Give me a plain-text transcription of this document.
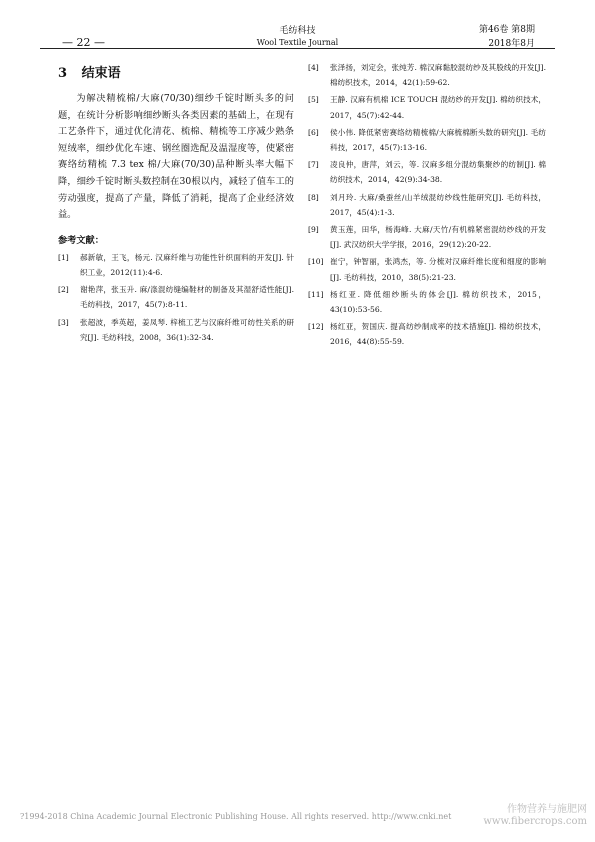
— 22 —
毛纺科技
Wool Textile Journal
第46卷 第8期
2018年8月
3 结束语

为解决精梳棉/大麻(70/30)细纱千锭时断头多的问题，在统计分析影响细纱断头各类因素的基础上，在现有工艺条件下，通过优化清花、梳棉、精梳等工序减少熟条短绒率，细纱优化车速、钢丝圈选配及温湿度等，使紧密赛络纺精梳 7.3 tex 棉/大麻(70/30)品种断头率大幅下降，细纱千锭时断头数控制在30根以内，减轻了值车工的劳动强度，提高了产量，降低了消耗，提高了企业经济效益。

参考文献：
[1]	郝新敏，王飞，杨元. 汉麻纤维与功能性针织面料的开发[J]. 针织工业，2012(11):4-6.
[2]	谢艳萍，张玉升. 麻/涤混纺缝编鞋材的制备及其湿舒适性能[J]. 毛纺科技，2017，45(7):8-11.
[3]	张超波，季英超，姜凤琴. 梓梳工艺与汉麻纤维可纺性关系的研究[J]. 毛纺科技，2008，36(1):32-34.
[4]	张泽扬，刘定会，张纯芳. 棉汉麻黏胶混纺纱及其股线的开发[J]. 棉纺织技术，2014，42(1):59-62.
[5]	王静. 汉麻有机棉 ICE TOUCH 混纺纱的开发[J]. 棉纺织技术，2017，45(7):42-44.
[6]	侯小伟. 降低紧密赛络纺精梳棉/大麻梳棉断头数的研究[J]. 毛纺科技，2017，45(7):13-16.
[7]	凌良仲，唐萍，刘云，等. 汉麻多组分混纺集聚纱的纺制[J]. 棉纺织技术，2014，42(9):34-38.
[8]	刘月玲. 大麻/桑蚕丝/山羊绒混纺纱线性能研究[J]. 毛纺科技，2017，45(4):1-3.
[9]	黄玉莲，田华，杨海峰. 大麻/天竹/有机棉紧密混纺纱线的开发[J]. 武汉纺织大学学报，2016，29(12):20-22.
[10] 崔宁，钟智丽，张鸿杰，等. 分梳对汉麻纤维长度和细度的影响[J]. 毛纺科技，2010，38(5):21-23.
[11] 杨红亚. 降低细纱断头的体会[J]. 棉纺织技术，2015，43(10):53-56.
[12] 杨红亚，贺国庆. 提高纺纱制成率的技术措施[J]. 棉纺织技术，2016，44(8):55-59.
?1994-2018 China Academic Journal Electronic Publishing House. All rights reserved. http://www.cnki.net
作物营养与施肥网
www.fibercrops.com
